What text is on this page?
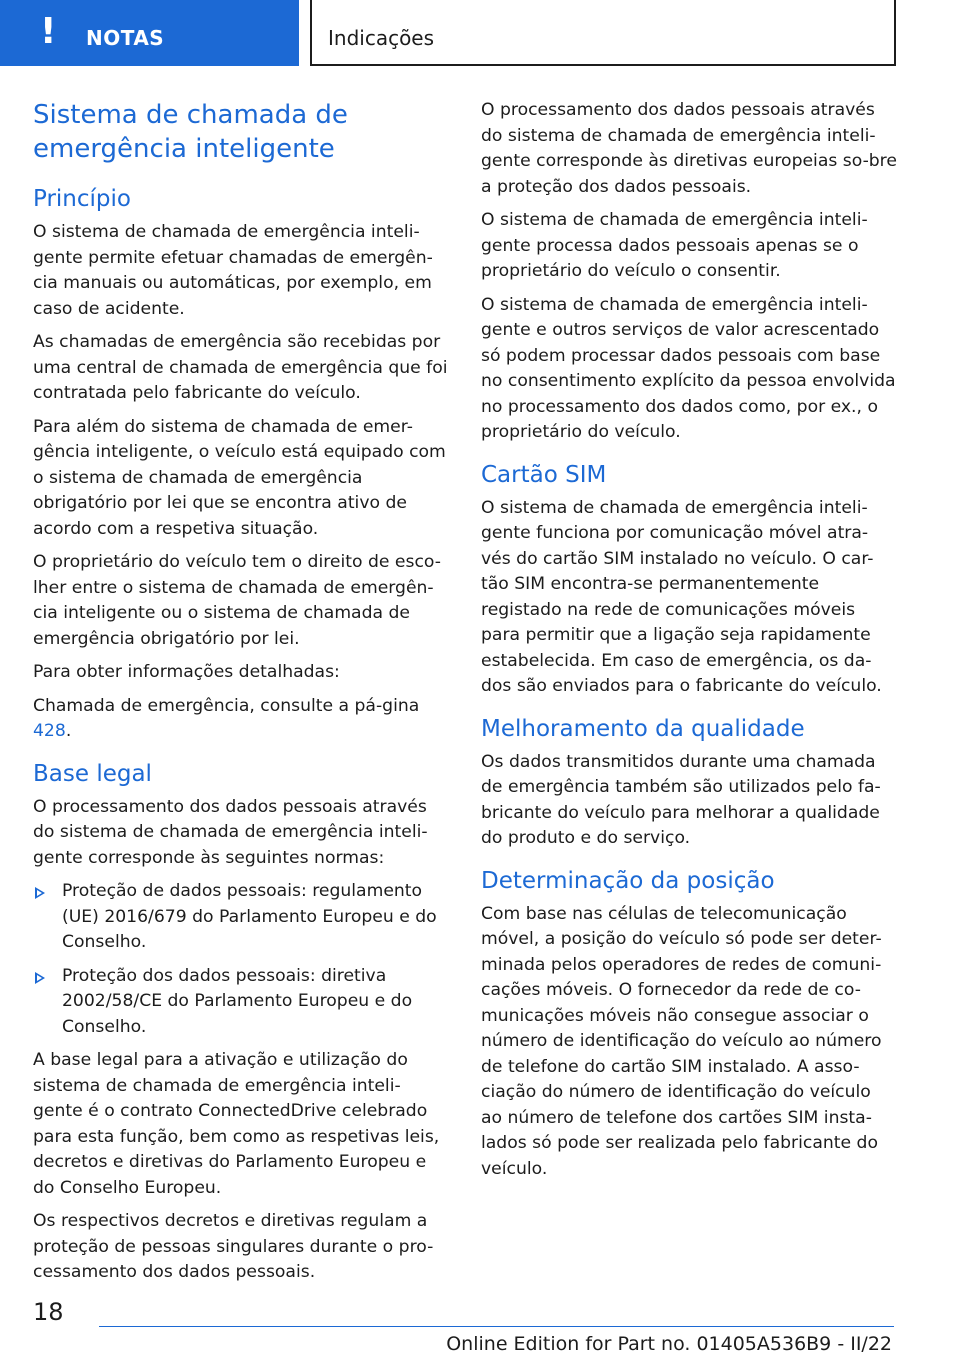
! NOTAS	Indicações
Sistema de chamada de emergência inteligente
Princípio

O sistema de chamada de emergência inteli-gente permite efetuar chamadas de emergên-cia manuais ou automáticas, por exemplo, em caso de acidente.

As chamadas de emergência são recebidas por uma central de chamada de emergência que foi contratada pelo fabricante do veículo.

Para além do sistema de chamada de emer-gência inteligente, o veículo está equipado com o sistema de chamada de emergência obrigatório por lei que se encontra ativo de acordo com a respetiva situação.

O proprietário do veículo tem o direito de esco-lher entre o sistema de chamada de emergên-cia inteligente ou o sistema de chamada de emergência obrigatório por lei.

Para obter informações detalhadas:

Chamada de emergência, consulte a pá-gina 428.

Base legal

O processamento dos dados pessoais através do sistema de chamada de emergência inteli-gente corresponde às seguintes normas:

Proteção de dados pessoais: regulamento (UE) 2016/679 do Parlamento Europeu e do Conselho.
Proteção dos dados pessoais: diretiva 2002/58/CE do Parlamento Europeu e do Conselho.

A base legal para a ativação e utilização do sistema de chamada de emergência inteli-gente é o contrato ConnectedDrive celebrado para esta função, bem como as respetivas leis, decretos e diretivas do Parlamento Europeu e do Conselho Europeu.

Os respectivos decretos e diretivas regulam a proteção de pessoas singulares durante o pro-cessamento dos dados pessoais.

O processamento dos dados pessoais através do sistema de chamada de emergência inteli-gente corresponde às diretivas europeias so-bre a proteção dos dados pessoais.

O sistema de chamada de emergência inteli-gente processa dados pessoais apenas se o proprietário do veículo o consentir.

O sistema de chamada de emergência inteli-gente e outros serviços de valor acrescentado só podem processar dados pessoais com base no consentimento explícito da pessoa envolvida no processamento dos dados como, por ex., o proprietário do veículo.

Cartão SIM

O sistema de chamada de emergência inteli-gente funciona por comunicação móvel atra-vés do cartão SIM instalado no veículo. O car-tão SIM encontra-se permanentemente registado na rede de comunicações móveis para permitir que a ligação seja rapidamente estabelecida. Em caso de emergência, os da-dos são enviados para o fabricante do veículo.

Melhoramento da qualidade

Os dados transmitidos durante uma chamada de emergência também são utilizados pelo fa-bricante do veículo para melhorar a qualidade do produto e do serviço.

Determinação da posição

Com base nas células de telecomunicação móvel, a posição do veículo só pode ser deter-minada pelos operadores de redes de comuni-cações móveis. O fornecedor da rede de co-municações móveis não consegue associar o número de identificação do veículo ao número de telefone do cartão SIM instalado. A asso-ciação do número de identificação do veículo ao número de telefone dos cartões SIM insta-lados só pode ser realizada pelo fabricante do veículo.

18
Online Edition for Part no. 01405A536B9 - II/22
